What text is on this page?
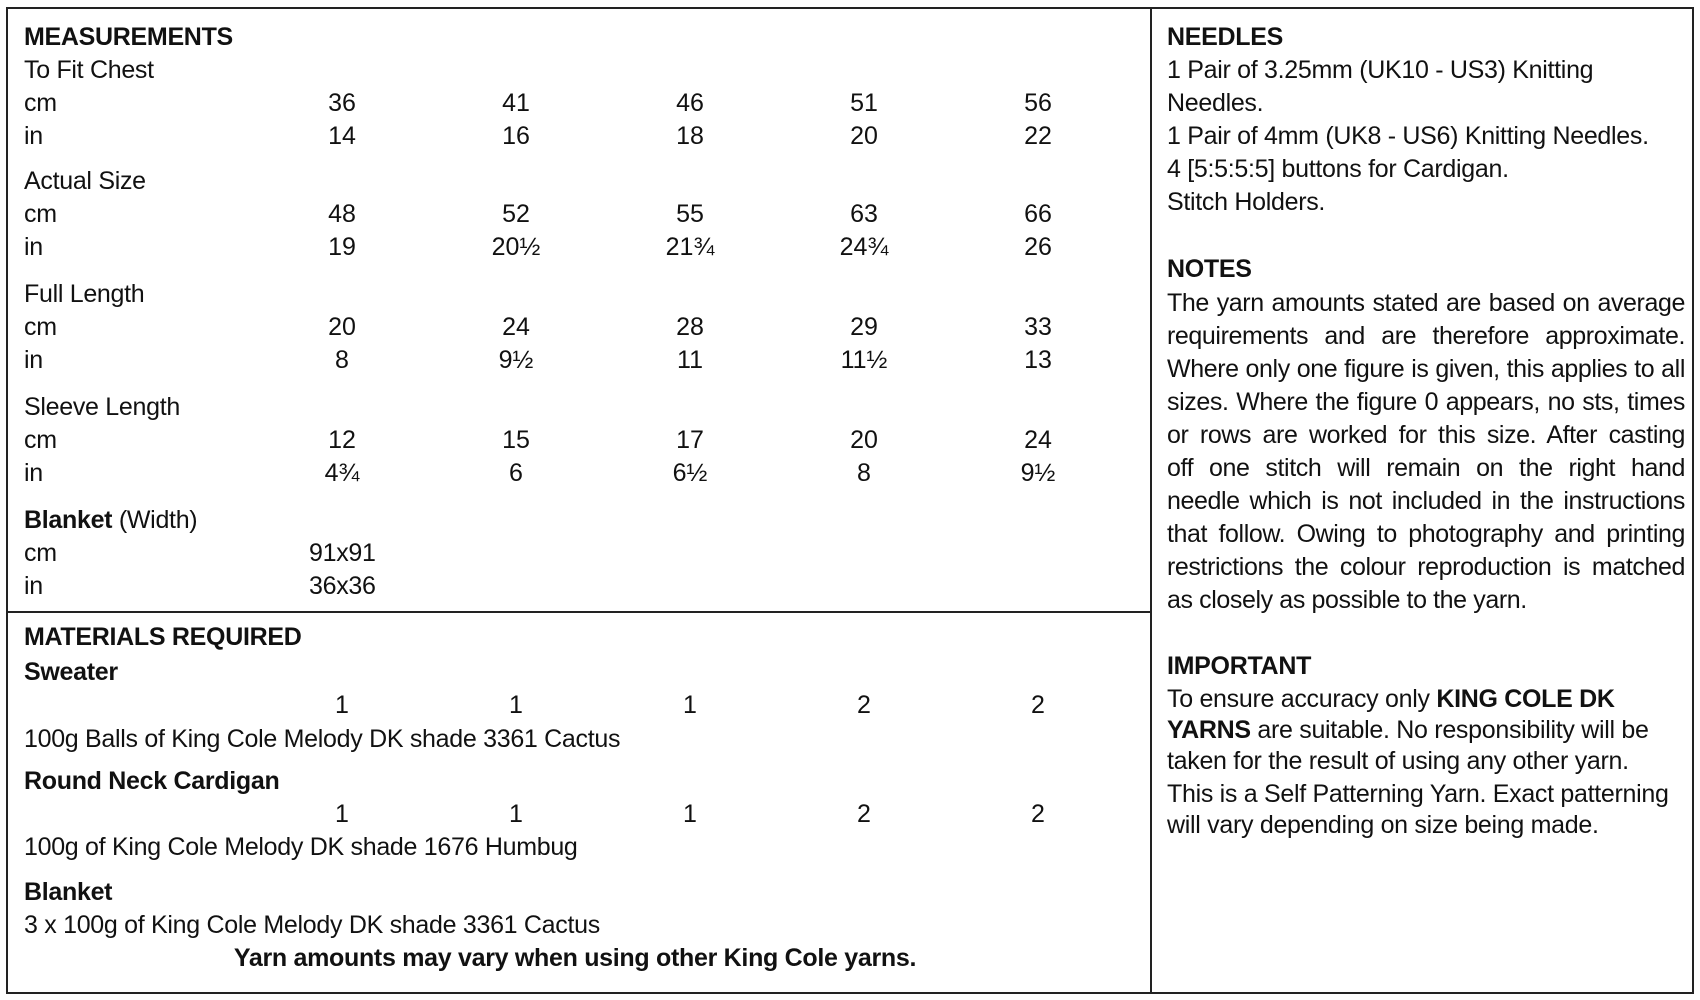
MEASUREMENTS
To Fit Chest
cm	36	41	46	51	56
in	14	16	18	20	22
Actual Size
cm	48	52	55	63	66
in	19	20½	21¾	24¾	26
Full Length
cm	20	24	28	29	33
in	8	9½	11	11½	13
Sleeve Length
cm	12	15	17	20	24
in	4¾	6	6½	8	9½
Blanket (Width)
cm	91x91
in	36x36
MATERIALS REQUIRED
Sweater
1	1	1	2	2
100g Balls of King Cole Melody DK shade 3361 Cactus
Round Neck Cardigan
1	1	1	2	2
100g of King Cole Melody DK shade 1676 Humbug
Blanket
3 x 100g of King Cole Melody DK shade 3361 Cactus
Yarn amounts may vary when using other King Cole yarns.
NEEDLES
1 Pair of 3.25mm (UK10 - US3) Knitting
Needles.
1 Pair of 4mm (UK8 - US6) Knitting Needles.
4 [5:5:5:5] buttons for Cardigan.
Stitch Holders.
NOTES
The yarn amounts stated are based on average
requirements and are therefore approximate.
Where only one figure is given, this applies to all
sizes. Where the figure 0 appears, no sts, times
or rows are worked for this size. After casting
off one stitch will remain on the right hand
needle which is not included in the instructions
that follow. Owing to photography and printing
restrictions the colour reproduction is matched
as closely as possible to the yarn.
IMPORTANT
To ensure accuracy only KING COLE DK
YARNS are suitable. No responsibility will be
taken for the result of using any other yarn.
This is a Self Patterning Yarn. Exact patterning
will vary depending on size being made.
